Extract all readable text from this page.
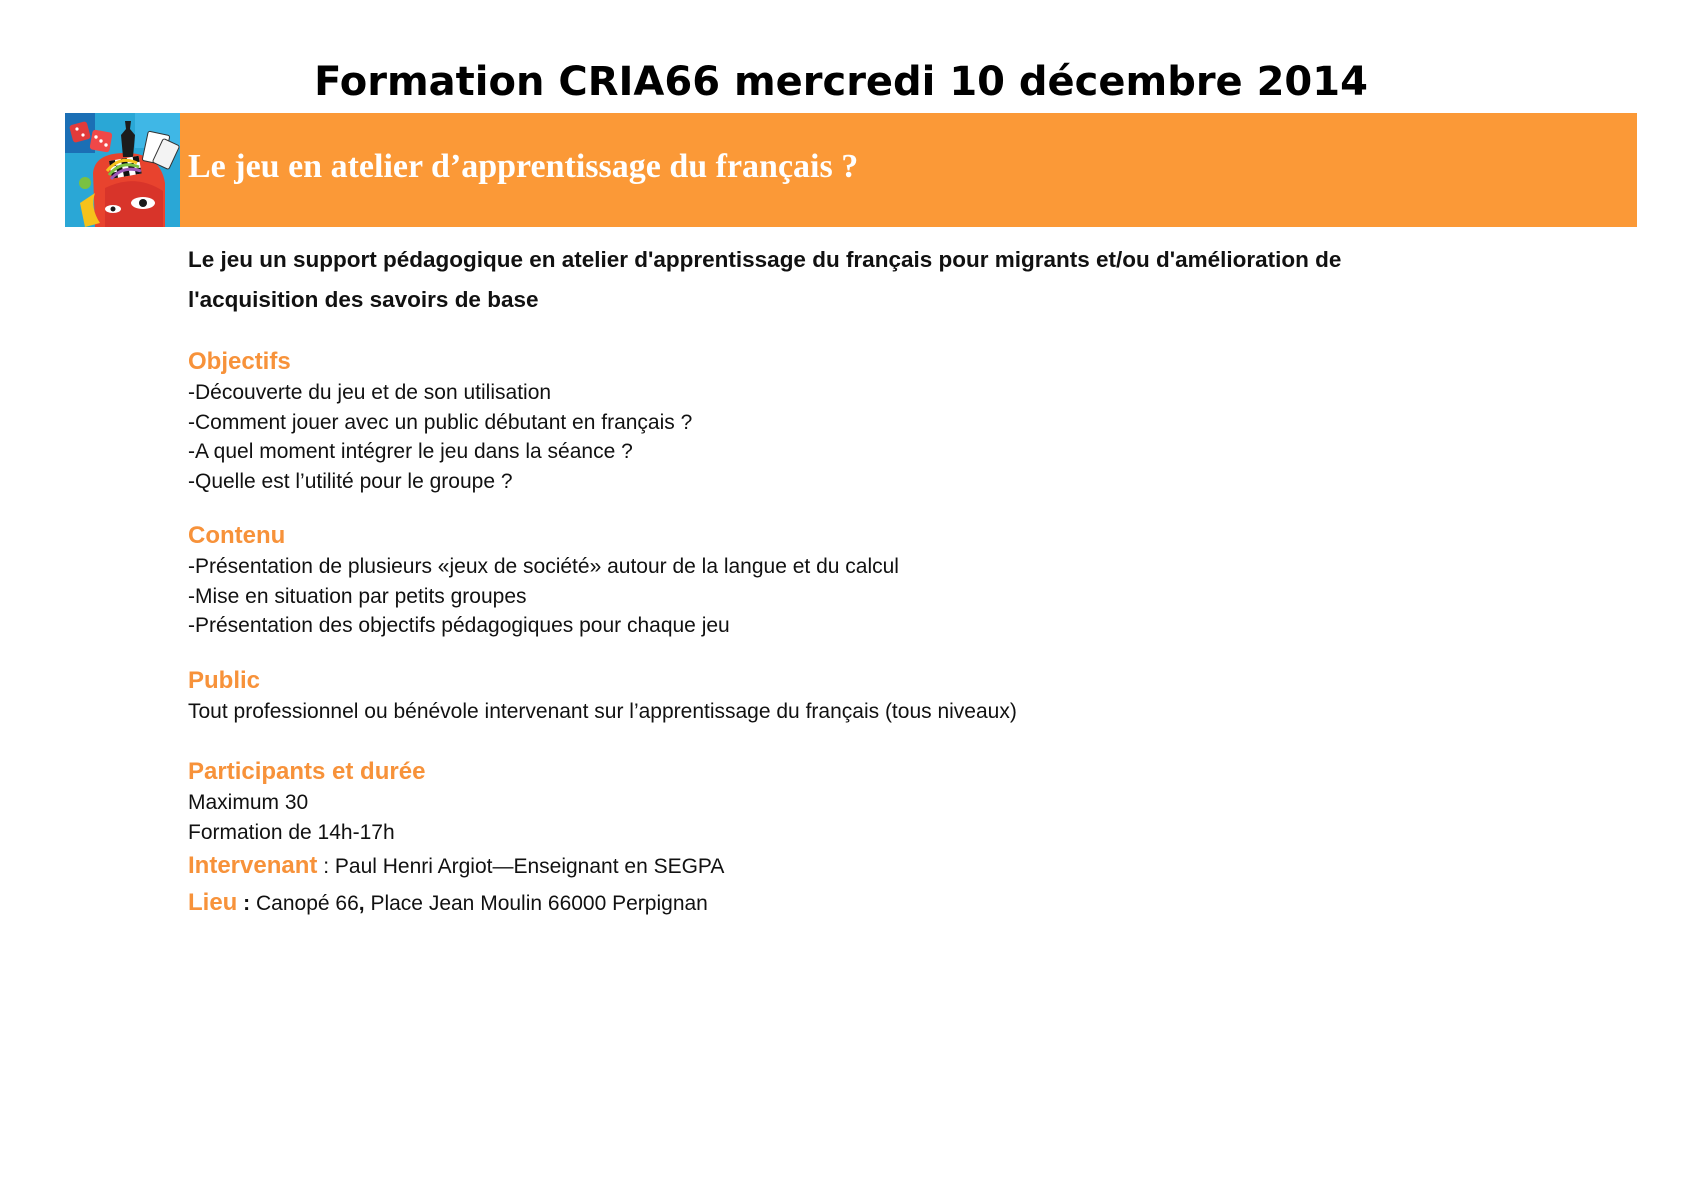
Formation CRIA66 mercredi 10 décembre 2014
Le jeu en atelier d’apprentissage du français ?

Le jeu un support pédagogique en atelier d'apprentissage du français pour migrants et/ou d'amélioration de
l'acquisition des savoirs de base

Objectifs

-Découverte du jeu et de son utilisation

-Comment jouer avec un public débutant en français ?

-A quel moment intégrer le jeu dans la séance ?

-Quelle est l’utilité pour le groupe ?

Contenu

-Présentation de plusieurs «jeux de société» autour de la langue et du calcul

-Mise en situation par petits groupes

-Présentation des objectifs pédagogiques pour chaque jeu

Public

Tout professionnel ou bénévole intervenant sur l’apprentissage du français (tous niveaux)

Participants et durée

Maximum 30

Formation de 14h-17h

Intervenant : Paul Henri Argiot—Enseignant en SEGPA
Lieu : Canopé 66, Place Jean Moulin 66000 Perpignan
